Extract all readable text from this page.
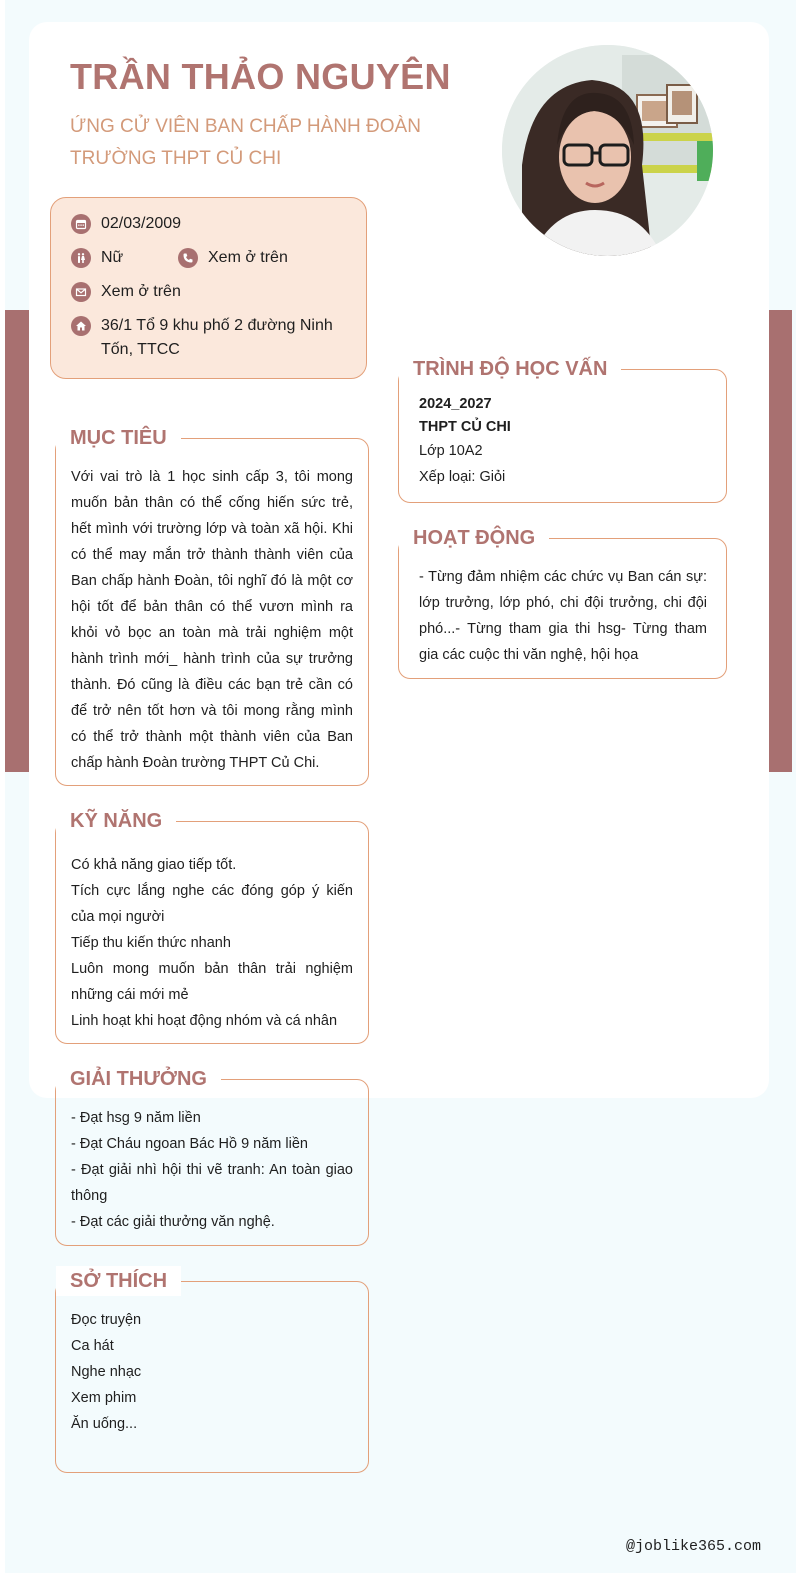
TRẦN THẢO NGUYÊN
ỨNG CỬ VIÊN BAN CHẤP HÀNH ĐOÀN TRƯỜNG THPT CỦ CHI
02/03/2009
Nữ	Xem ở trên
Xem ở trên
36/1 Tổ 9 khu phố 2 đường Ninh Tốn, TTCC
MỤC TIÊU
Với vai trò là 1 học sinh cấp 3, tôi mong muốn bản thân có thể cống hiến sức trẻ, hết mình với trường lớp và toàn xã hội. Khi có thể may mắn trở thành thành viên của Ban chấp hành Đoàn, tôi nghĩ đó là một cơ hội tốt để bản thân có thể vươn mình ra khỏi vỏ bọc an toàn mà trải nghiệm một hành trình mới_ hành trình của sự trưởng thành. Đó cũng là điều các bạn trẻ cần có để trở nên tốt hơn và tôi mong rằng mình có thể trở thành một thành viên của Ban chấp hành Đoàn trường THPT Củ Chi.
KỸ NĂNG
Có khả năng giao tiếp tốt.
Tích cực lắng nghe các đóng góp ý kiến của mọi người
Tiếp thu kiến thức nhanh
Luôn mong muốn bản thân trải nghiệm những cái mới mẻ
Linh hoạt khi hoạt động nhóm và cá nhân
GIẢI THƯỞNG
- Đạt hsg 9 năm liền
- Đạt Cháu ngoan Bác Hồ 9 năm liền
- Đạt giải nhì hội thi vẽ tranh: An toàn giao thông
- Đạt các giải thưởng văn nghệ.
SỞ THÍCH
Đọc truyện
Ca hát
Nghe nhạc
Xem phim
Ăn uống...
TRÌNH ĐỘ HỌC VẤN
2024_2027
THPT CỦ CHI
Lớp 10A2
Xếp loại: Giỏi
HOẠT ĐỘNG
- Từng đảm nhiệm các chức vụ Ban cán sự: lớp trưởng, lớp phó, chi đội trưởng, chi đội phó...- Từng tham gia thi hsg- Từng tham gia các cuộc thi văn nghệ, hội họa
@joblike365.com
